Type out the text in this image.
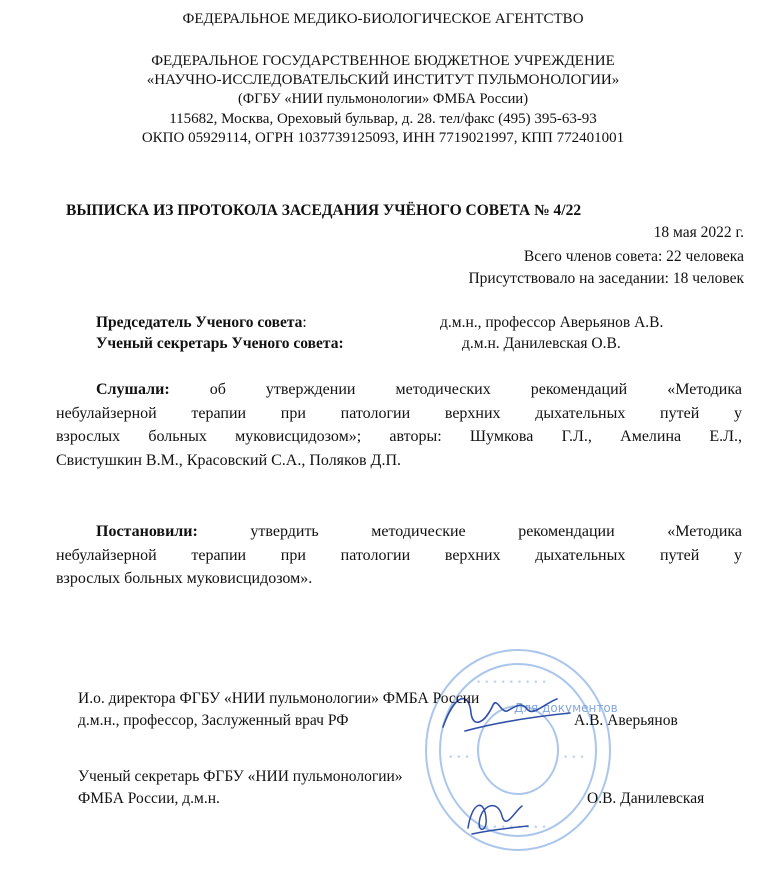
ФЕДЕРАЛЬНОЕ МЕДИКО-БИОЛОГИЧЕСКОЕ АГЕНТСТВО
ФЕДЕРАЛЬНОЕ ГОСУДАРСТВЕННОЕ БЮДЖЕТНОЕ УЧРЕЖДЕНИЕ
«НАУЧНО-ИССЛЕДОВАТЕЛЬСКИЙ ИНСТИТУТ ПУЛЬМОНОЛОГИИ»
(ФГБУ «НИИ пульмонологии» ФМБА России)
115682, Москва, Ореховый бульвар, д. 28. тел/факс (495) 395-63-93
ОКПО 05929114, ОГРН 1037739125093, ИНН 7719021997, КПП 772401001
ВЫПИСКА ИЗ ПРОТОКОЛА ЗАСЕДАНИЯ УЧЁНОГО СОВЕТА № 4/22
18 мая 2022 г.
Всего членов совета: 22 человека
Присутствовало на заседании: 18 человек
Председатель Ученого совета:	д.м.н., профессор Аверьянов А.В.
Ученый секретарь Ученого совета:	д.м.н. Данилевская О.В.
Слушали:	об утверждении методических рекомендаций «Методика
небулайзерной терапии при патологии верхних дыхательных путей у
взрослых больных муковисцидозом»; авторы: Шумкова Г.Л., Амелина Е.Л.,
Свистушкин В.М., Красовский С.А., Поляков Д.П.
Постановили:	утвердить методические рекомендации «Методика
небулайзерной терапии при патологии верхних дыхательных путей у
взрослых больных муковисцидозом».
• • • • • • • • •
• • •	• • •
• • • • • • • • •
Для документов
И.о. директора ФГБУ «НИИ пульмонологии» ФМБА России
д.м.н., профессор, Заслуженный врач РФ	А.В. Аверьянов
Ученый секретарь ФГБУ «НИИ пульмонологии»
ФМБА России, д.м.н.	О.В. Данилевская
